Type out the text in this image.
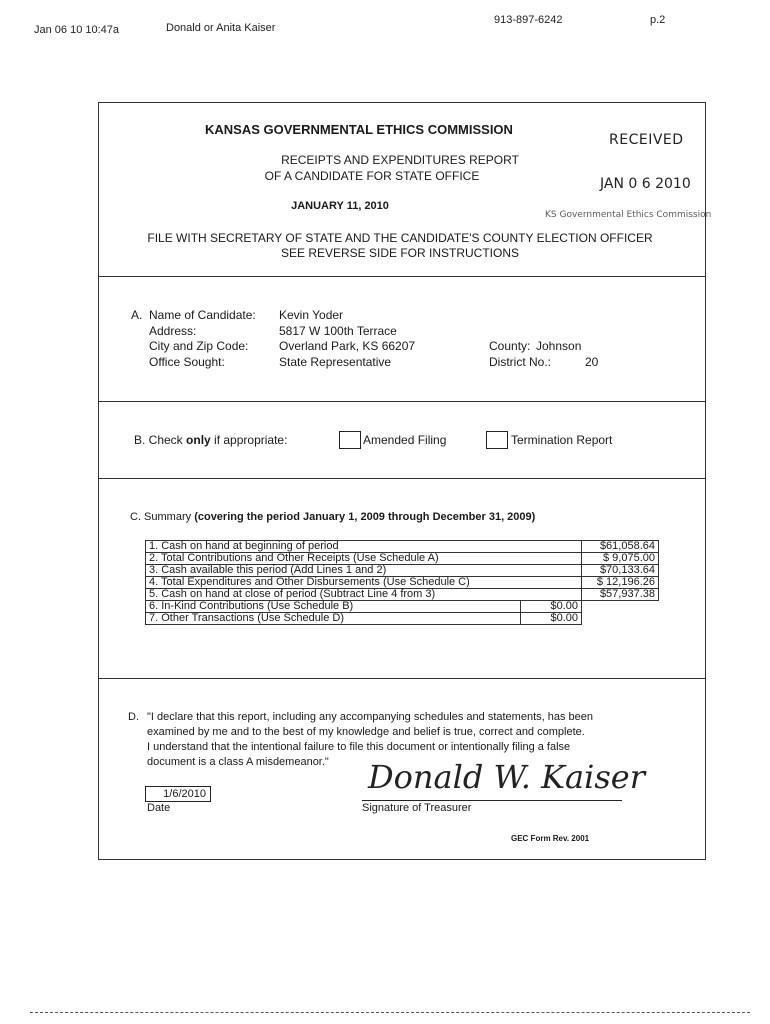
Jan 06 10 10:47a	Donald or Anita Kaiser
913-897-6242	p.2
KANSAS GOVERNMENTAL ETHICS COMMISSION
RECEIPTS AND EXPENDITURES REPORT
OF A CANDIDATE FOR STATE OFFICE
JANUARY 11, 2010
FILE WITH SECRETARY OF STATE AND THE CANDIDATE'S COUNTY ELECTION OFFICER
SEE REVERSE SIDE FOR INSTRUCTIONS
RECEIVED
JAN 0 6 2010
KS Governmental Ethics Commission
A. Name of Candidate: Kevin Yoder
Address:	5817 W 100th Terrace
City and Zip Code:	Overland Park, KS 66207
Office Sought:	State Representative
County: Johnson
District No.:	20
B. Check only if appropriate:	Amended Filing	Termination Report
C. Summary (covering the period January 1, 2009 through December 31, 2009)
1. Cash on hand at beginning of period		$61,058.64
2. Total Contributions and Other Receipts (Use Schedule A)		$ 9,075.00
3. Cash available this period (Add Lines 1 and 2)		$70,133.64
4. Total Expenditures and Other Disbursements (Use Schedule C)		$ 12,196.26
5. Cash on hand at close of period (Subtract Line 4 from 3)		$57,937.38
6. In-Kind Contributions (Use Schedule B)	$0.00	
7. Other Transactions (Use Schedule D)	$0.00	
D. "I declare that this report, including any accompanying schedules and statements, has been
examined by me and to the best of my knowledge and belief is true, correct and complete.
I understand that the intentional failure to file this document or intentionally filing a false
document is a class A misdemeanor."
1/6/2010
Date
Donald W. Kaiser
Signature of Treasurer
GEC Form Rev. 2001
